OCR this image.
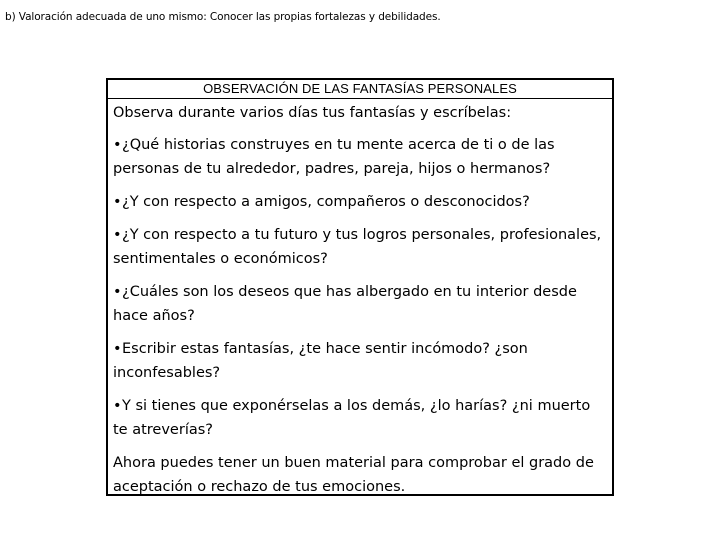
b) Valoración adecuada de uno mismo: Conocer las propias fortalezas y debilidades.
OBSERVACIÓN DE LAS FANTASÍAS PERSONALES
Observa durante varios días tus fantasías y escríbelas:
•¿Qué historias construyes en tu mente acerca de ti o de las personas de tu alrededor, padres, pareja, hijos o hermanos?
•¿Y con respecto a amigos, compañeros o desconocidos?
•¿Y con respecto a tu futuro y tus logros personales, profesionales, sentimentales o económicos?
•¿Cuáles son los deseos que has albergado en tu interior desde hace años?
•Escribir estas fantasías, ¿te hace sentir incómodo? ¿son inconfesables?
•Y si tienes que exponérselas a los demás, ¿lo harías? ¿ni muerto te atreverías?
Ahora puedes tener un buen material para comprobar el grado de aceptación o rechazo de tus emociones.
